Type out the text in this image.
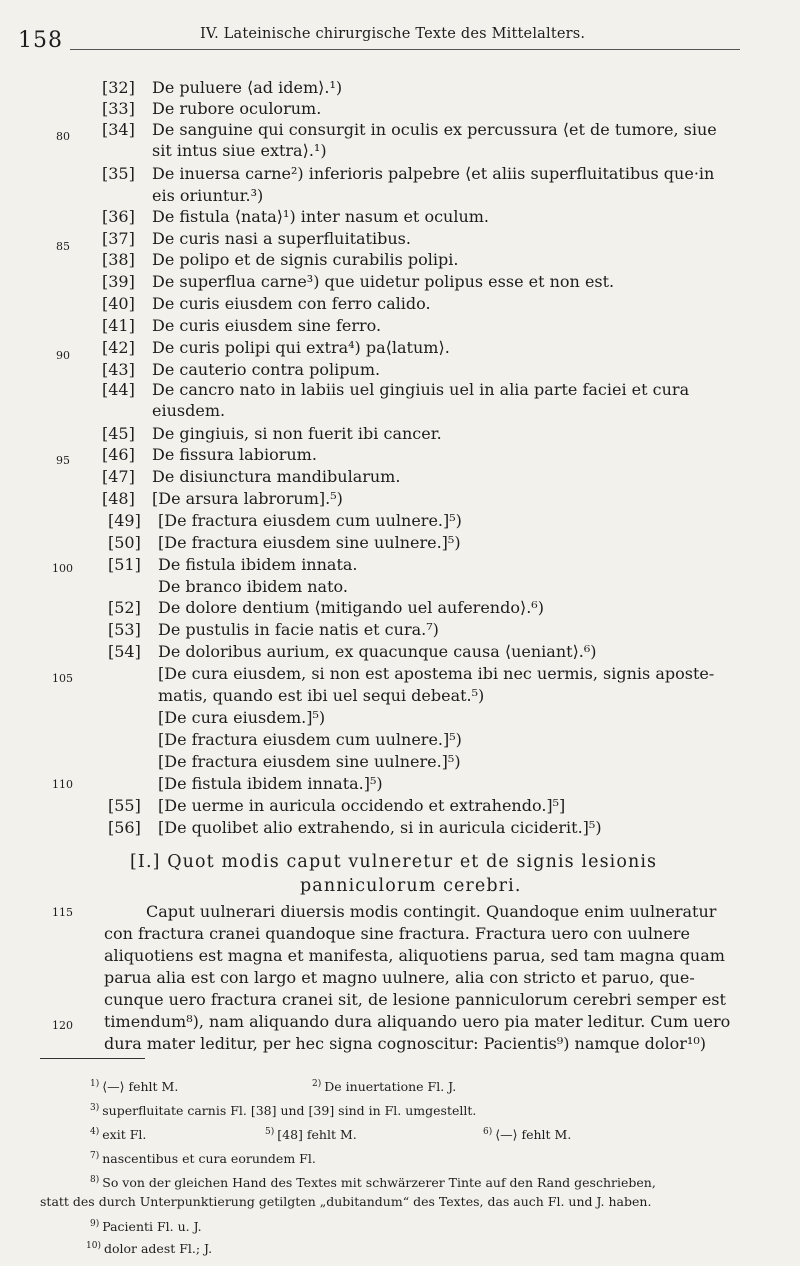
158	IV. Lateinische chirurgische Texte des Mittelalters.
80
85
90
95
100
105
110
115
120
[32] De puluere ⟨ad idem⟩.¹)
[33] De rubore oculorum.
[34] De sanguine qui consurgit in oculis ex percussura ⟨et de tumore, siue
sit intus siue extra⟩.¹)
[35] De inuersa carne²) inferioris palpebre ⟨et aliis superfluitatibus que·in
eis oriuntur.³)
[36] De fistula ⟨nata⟩¹) inter nasum et oculum.
[37] De curis nasi a superfluitatibus.
[38] De polipo et de signis curabilis polipi.
[39] De superflua carne³) que uidetur polipus esse et non est.
[40] De curis eiusdem con ferro calido.
[41] De curis eiusdem sine ferro.
[42] De curis polipi qui extra⁴) pa⟨latum⟩.
[43] De cauterio contra polipum.
[44] De cancro nato in labiis uel gingiuis uel in alia parte faciei et cura
eiusdem.
[45] De gingiuis, si non fuerit ibi cancer.
[46] De fissura labiorum.
[47] De disiunctura mandibularum.
[48] [De arsura labrorum].⁵)
[49] [De fractura eiusdem cum uulnere.]⁵)
[50] [De fractura eiusdem sine uulnere.]⁵)
[51] De fistula ibidem innata.
De branco ibidem nato.
[52] De dolore dentium ⟨mitigando uel auferendo⟩.⁶)
[53] De pustulis in facie natis et cura.⁷)
[54] De doloribus aurium, ex quacunque causa ⟨ueniant⟩.⁶)
[De cura eiusdem, si non est apostema ibi nec uermis, signis aposte-
matis, quando est ibi uel sequi debeat.⁵)
[De cura eiusdem.]⁵)
[De fractura eiusdem cum uulnere.]⁵)
[De fractura eiusdem sine uulnere.]⁵)
[De fistula ibidem innata.]⁵)
[55] [De uerme in auricula occidendo et extrahendo.]⁵]
[56] [De quolibet alio extrahendo, si in auricula ciciderit.]⁵)
[I.] Quot modis caput vulneretur et de signis lesionis
panniculorum cerebri.
Caput uulnerari diuersis modis contingit. Quandoque enim uulneratur
con fractura cranei quandoque sine fractura. Fractura uero con uulnere
aliquotiens est magna et manifesta, aliquotiens parua, sed tam magna quam
parua alia est con largo et magno uulnere, alia con stricto et paruo, que-
cunque uero fractura cranei sit, de lesione panniculorum cerebri semper est
timendum⁸), nam aliquando dura aliquando uero pia mater leditur. Cum uero
dura mater leditur, per hec signa cognoscitur: Pacientis⁹) namque dolor¹⁰)
$^{1)}$ ⟨—⟩ fehlt M.	$^{2)}$ De inuertatione Fl. J.
$^{3)}$ superfluitate carnis Fl. [38] und [39] sind in Fl. umgestellt.
$^{4)}$ exit Fl.	$^{5)}$ [48] fehlt M.	$^{6)}$ ⟨—⟩ fehlt M.
$^{7)}$ nascentibus et cura eorundem Fl.
$^{8)}$ So von der gleichen Hand des Textes mit schwärzerer Tinte auf den Rand geschrieben,
statt des durch Unterpunktierung getilgten „dubitandum“ des Textes, das auch Fl. und J. haben.
$^{9)}$ Pacienti Fl. u. J.
$^{10)}$ dolor adest Fl.; J.
